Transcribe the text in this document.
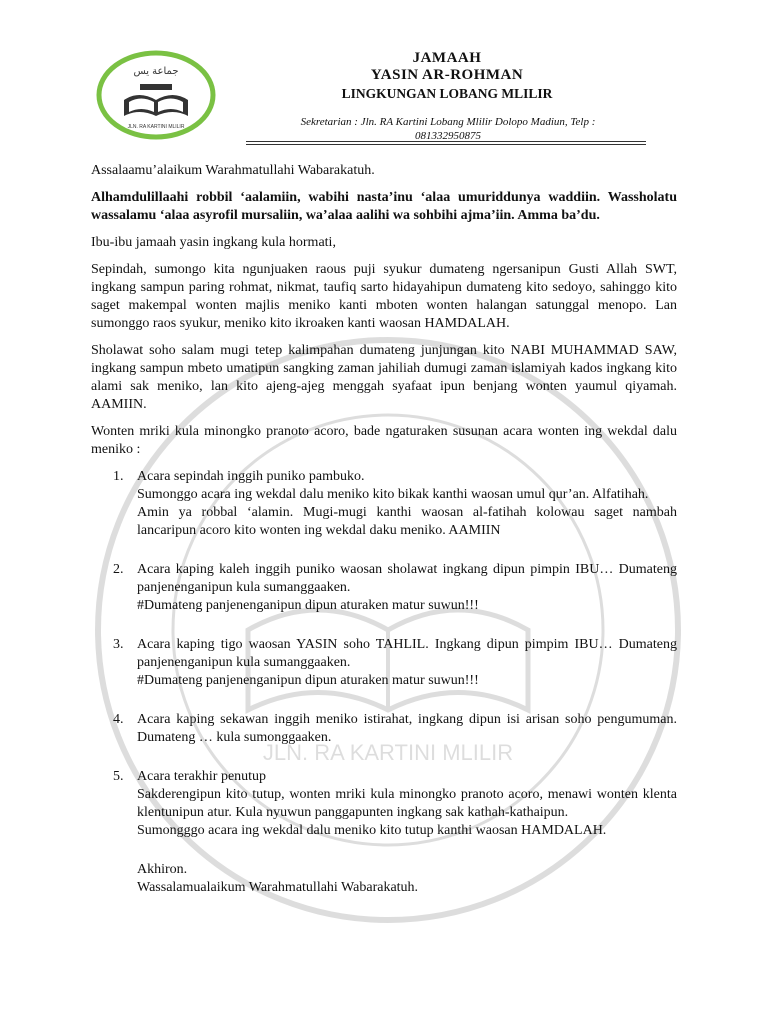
JLN. RA KARTINI MLILIR
جماعة يس
JLN. RA KARTINI MLILIR
JAMAAH
YASIN AR-ROHMAN
LINGKUNGAN LOBANG MLILIR
Sekretarian : Jln. RA Kartini Lobang Mlilir Dolopo Madiun, Telp :
081332950875

Assalaamu’alaikum Warahmatullahi Wabarakatuh.

Alhamdulillaahi robbil ‘aalamiin, wabihi nasta’inu ‘alaa umuriddunya waddiin. Wassholatu wassalamu ‘alaa asyrofil mursaliin, wa’alaa aalihi wa sohbihi ajma’iin. Amma ba’du.

Ibu-ibu jamaah yasin ingkang kula hormati,

Sepindah, sumongo kita ngunjuaken raous puji syukur dumateng ngersanipun Gusti Allah SWT, ingkang sampun paring rohmat, nikmat, taufiq sarto hidayahipun dumateng kito sedoyo, sahinggo kito saget makempal wonten majlis meniko kanti mboten wonten halangan satunggal menopo. Lan sumonggo raos syukur, meniko kito ikroaken kanti waosan HAMDALAH.

Sholawat soho salam mugi tetep kalimpahan dumateng junjungan kito NABI MUHAMMAD SAW, ingkang sampun mbeto umatipun sangking zaman jahiliah dumugi zaman islamiyah kados ingkang kito alami sak meniko, lan kito ajeng-ajeg menggah syafaat ipun benjang wonten yaumul qiyamah. AAMIIN.

Wonten mriki kula minongko pranoto acoro, bade ngaturaken susunan acara wonten ing wekdal dalu meniko :

1. Acara sepindah inggih puniko pambuko.
Sumonggo acara ing wekdal dalu meniko kito bikak kanthi waosan umul qur’an. Alfatihah.
Amin ya robbal ‘alamin. Mugi-mugi kanthi waosan al-fatihah kolowau saget nambah lancaripun acoro kito wonten ing wekdal daku meniko. AAMIIN
2. Acara kaping kaleh inggih puniko waosan sholawat ingkang dipun pimpin IBU… Dumateng panjenenganipun kula sumanggaaken.
#Dumateng panjenenganipun dipun aturaken matur suwun!!!
3. Acara kaping tigo waosan YASIN soho TAHLIL. Ingkang dipun pimpim IBU… Dumateng panjenenganipun kula sumanggaaken.
#Dumateng panjenenganipun dipun aturaken matur suwun!!!
4. Acara kaping sekawan inggih meniko istirahat, ingkang dipun isi arisan soho pengumuman. Dumateng … kula sumonggaaken.
5. Acara terakhir penutup
Sakderengipun kito tutup, wonten mriki kula minongko pranoto acoro, menawi wonten klenta klentunipun atur. Kula nyuwun panggapunten ingkang sak kathah-kathaipun.
Sumongggo acara ing wekdal dalu meniko kito tutup kanthi waosan HAMDALAH.
Akhiron.
Wassalamualaikum Warahmatullahi Wabarakatuh.
